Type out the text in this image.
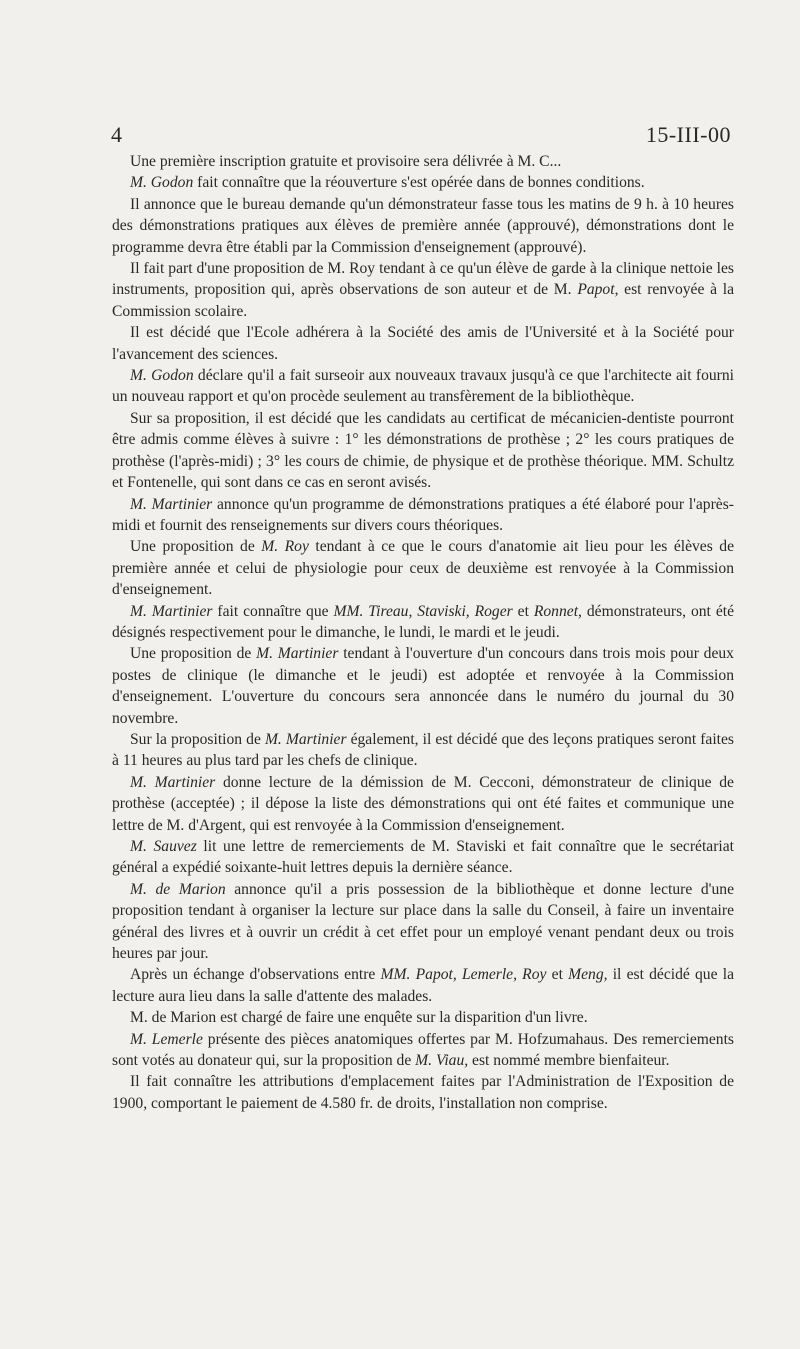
4	15-III-00

Une première inscription gratuite et provisoire sera délivrée à M. C...

M. Godon fait connaître que la réouverture s'est opérée dans de bonnes conditions.

Il annonce que le bureau demande qu'un démonstrateur fasse tous les matins de 9 h. à 10 heures des démonstrations pratiques aux élèves de première année (approuvé), démonstrations dont le programme devra être établi par la Commission d'enseignement (approuvé).

Il fait part d'une proposition de M. Roy tendant à ce qu'un élève de garde à la clinique nettoie les instruments, proposition qui, après observations de son auteur et de M. Papot, est renvoyée à la Commission scolaire.

Il est décidé que l'Ecole adhérera à la Société des amis de l'Université et à la Société pour l'avancement des sciences.

M. Godon déclare qu'il a fait surseoir aux nouveaux travaux jusqu'à ce que l'architecte ait fourni un nouveau rapport et qu'on procède seulement au transfèrement de la bibliothèque.

Sur sa proposition, il est décidé que les candidats au certificat de mécanicien-dentiste pourront être admis comme élèves à suivre : 1° les démonstrations de prothèse ; 2° les cours pratiques de prothèse (l'après-midi) ; 3° les cours de chimie, de physique et de prothèse théorique. MM. Schultz et Fontenelle, qui sont dans ce cas en seront avisés.

M. Martinier annonce qu'un programme de démonstrations pratiques a été élaboré pour l'après-midi et fournit des renseignements sur divers cours théoriques.

Une proposition de M. Roy tendant à ce que le cours d'anatomie ait lieu pour les élèves de première année et celui de physiologie pour ceux de deuxième est renvoyée à la Commission d'enseignement.

M. Martinier fait connaître que MM. Tireau, Staviski, Roger et Ronnet, démonstrateurs, ont été désignés respectivement pour le dimanche, le lundi, le mardi et le jeudi.

Une proposition de M. Martinier tendant à l'ouverture d'un concours dans trois mois pour deux postes de clinique (le dimanche et le jeudi) est adoptée et renvoyée à la Commission d'enseignement. L'ouverture du concours sera annoncée dans le numéro du journal du 30 novembre.

Sur la proposition de M. Martinier également, il est décidé que des leçons pratiques seront faites à 11 heures au plus tard par les chefs de clinique.

M. Martinier donne lecture de la démission de M. Cecconi, démonstrateur de clinique de prothèse (acceptée) ; il dépose la liste des démonstrations qui ont été faites et communique une lettre de M. d'Argent, qui est renvoyée à la Commission d'enseignement.

M. Sauvez lit une lettre de remerciements de M. Staviski et fait connaître que le secrétariat général a expédié soixante-huit lettres depuis la dernière séance.

M. de Marion annonce qu'il a pris possession de la bibliothèque et donne lecture d'une proposition tendant à organiser la lecture sur place dans la salle du Conseil, à faire un inventaire général des livres et à ouvrir un crédit à cet effet pour un employé venant pendant deux ou trois heures par jour.

Après un échange d'observations entre MM. Papot, Lemerle, Roy et Meng, il est décidé que la lecture aura lieu dans la salle d'attente des malades.

M. de Marion est chargé de faire une enquête sur la disparition d'un livre.

M. Lemerle présente des pièces anatomiques offertes par M. Hofzumahaus. Des remerciements sont votés au donateur qui, sur la proposition de M. Viau, est nommé membre bienfaiteur.

Il fait connaître les attributions d'emplacement faites par l'Administration de l'Exposition de 1900, comportant le paiement de 4.580 fr. de droits, l'installation non comprise.
